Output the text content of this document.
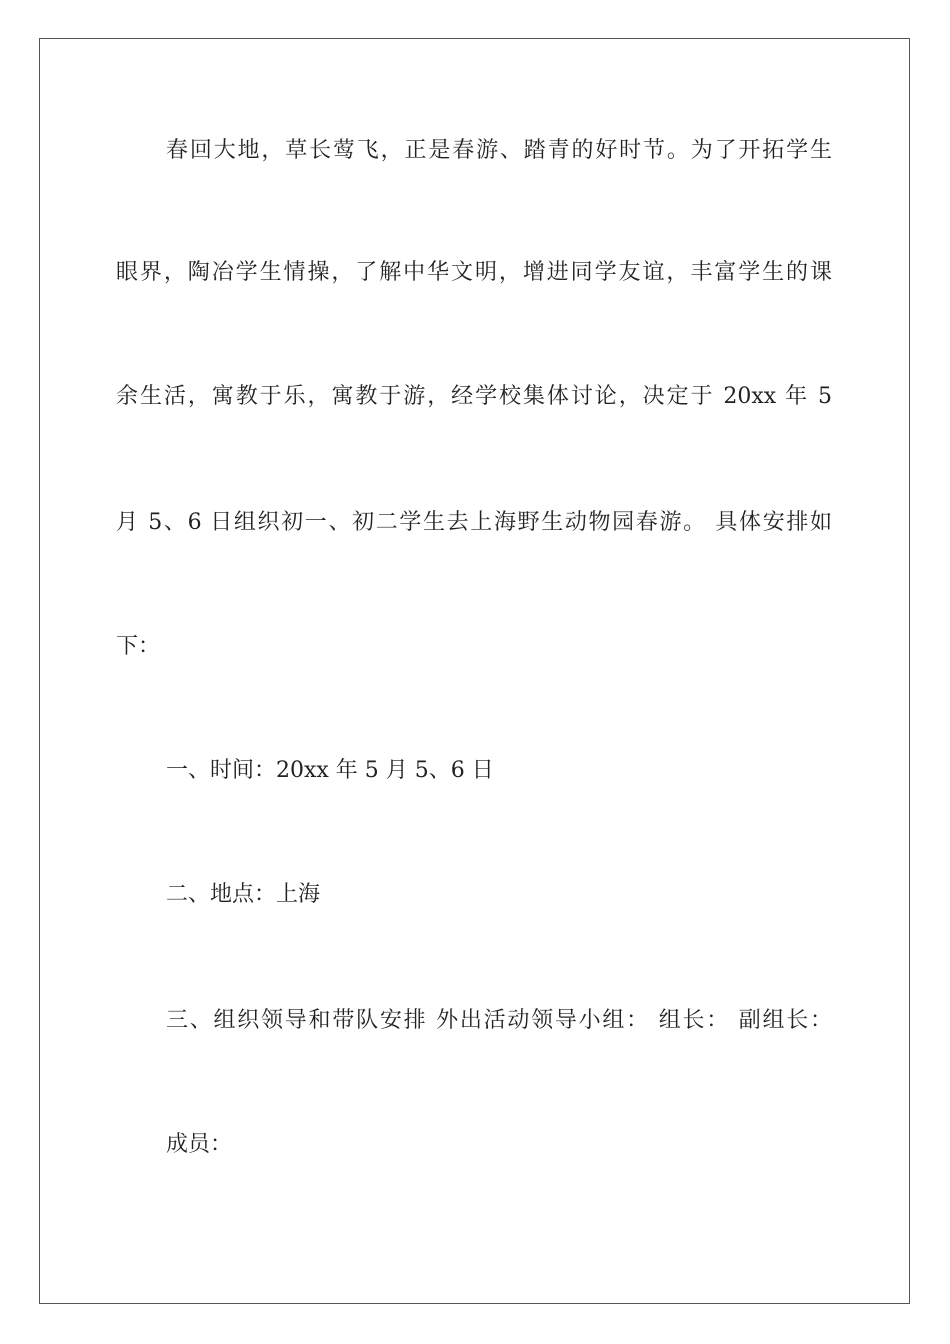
春回大地，草长莺飞，正是春游、踏青的好时节。为了开拓学生
眼界，陶冶学生情操，了解中华文明，增进同学友谊，丰富学生的课
余生活，寓教于乐，寓教于游，经学校集体讨论，决定于 20xx 年 5
月 5、6 日组织初一、初二学生去上海野生动物园春游。 具体安排如
下：
一、时间：20xx 年 5 月 5、6 日
二、地点：上海
三、组织领导和带队安排 外出活动领导小组： 组长： 副组长：
成员：
